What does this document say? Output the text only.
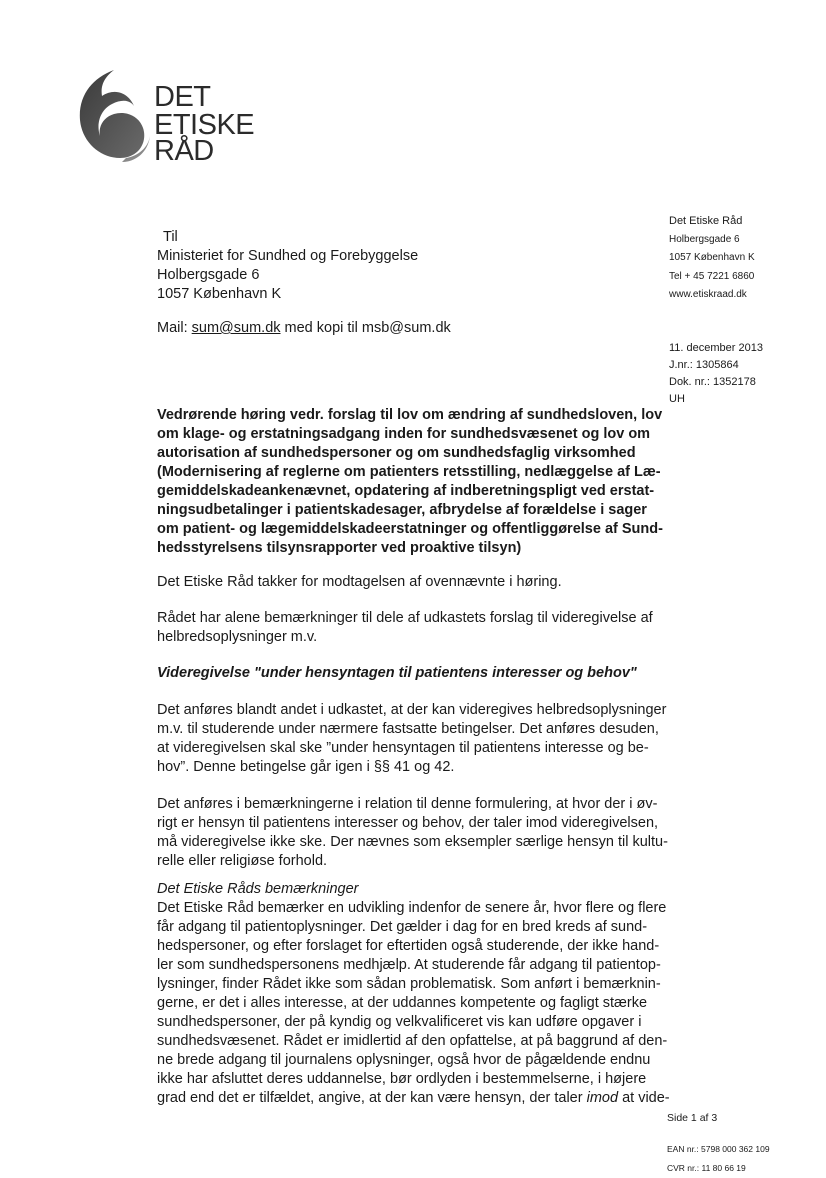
DET
ETISKE
RÅD
Det Etiske Råd
Holbergsgade 6
1057 København K
Tel + 45 7221 6860
www.etiskraad.dk
11. december 2013
J.nr.: 1305864
Dok. nr.: 1352178
UH
Side 1 af 3
EAN nr.: 5798 000 362 109
CVR nr.: 11 80 66 19
Til
Ministeriet for Sundhed og Forebyggelse
Holbergsgade 6
1057 København K
Mail: sum@sum.dk med kopi til msb@sum.dk
Vedrørende høring vedr. forslag til lov om ændring af sundhedsloven, lov
om klage- og erstatningsadgang inden for sundhedsvæsenet og lov om
autorisation af sundhedspersoner og om sundhedsfaglig virksomhed
(Modernisering af reglerne om patienters retsstilling, nedlæggelse af Læ-
gemiddelskadeankenævnet, opdatering af indberetningspligt ved erstat-
ningsudbetalinger i patientskadesager, afbrydelse af forældelse i sager
om patient- og lægemiddelskadeerstatninger og offentliggørelse af Sund-
hedsstyrelsens tilsynsrapporter ved proaktive tilsyn)
Det Etiske Råd takker for modtagelsen af ovennævnte i høring.
Rådet har alene bemærkninger til dele af udkastets forslag til videregivelse af
helbredsoplysninger m.v.
Videregivelse "under hensyntagen til patientens interesser og behov"
Det anføres blandt andet i udkastet, at der kan videregives helbredsoplysninger
m.v. til studerende under nærmere fastsatte betingelser. Det anføres desuden,
at videregivelsen skal ske ”under hensyntagen til patientens interesse og be-
hov”. Denne betingelse går igen i §§ 41 og 42.
Det anføres i bemærkningerne i relation til denne formulering, at hvor der i øv-
rigt er hensyn til patientens interesser og behov, der taler imod videregivelsen,
må videregivelse ikke ske. Der nævnes som eksempler særlige hensyn til kultu-
relle eller religiøse forhold.
Det Etiske Råds bemærkninger
Det Etiske Råd bemærker en udvikling indenfor de senere år, hvor flere og flere
får adgang til patientoplysninger. Det gælder i dag for en bred kreds af sund-
hedspersoner, og efter forslaget for eftertiden også studerende, der ikke hand-
ler som sundhedspersonens medhjælp. At studerende får adgang til patientop-
lysninger, finder Rådet ikke som sådan problematisk. Som anført i bemærknin-
gerne, er det i alles interesse, at der uddannes kompetente og fagligt stærke
sundhedspersoner, der på kyndig og velkvalificeret vis kan udføre opgaver i
sundhedsvæsenet. Rådet er imidlertid af den opfattelse, at på baggrund af den-
ne brede adgang til journalens oplysninger, også hvor de pågældende endnu
ikke har afsluttet deres uddannelse, bør ordlyden i bestemmelserne, i højere
grad end det er tilfældet, angive, at der kan være hensyn, der taler imod at vide-
